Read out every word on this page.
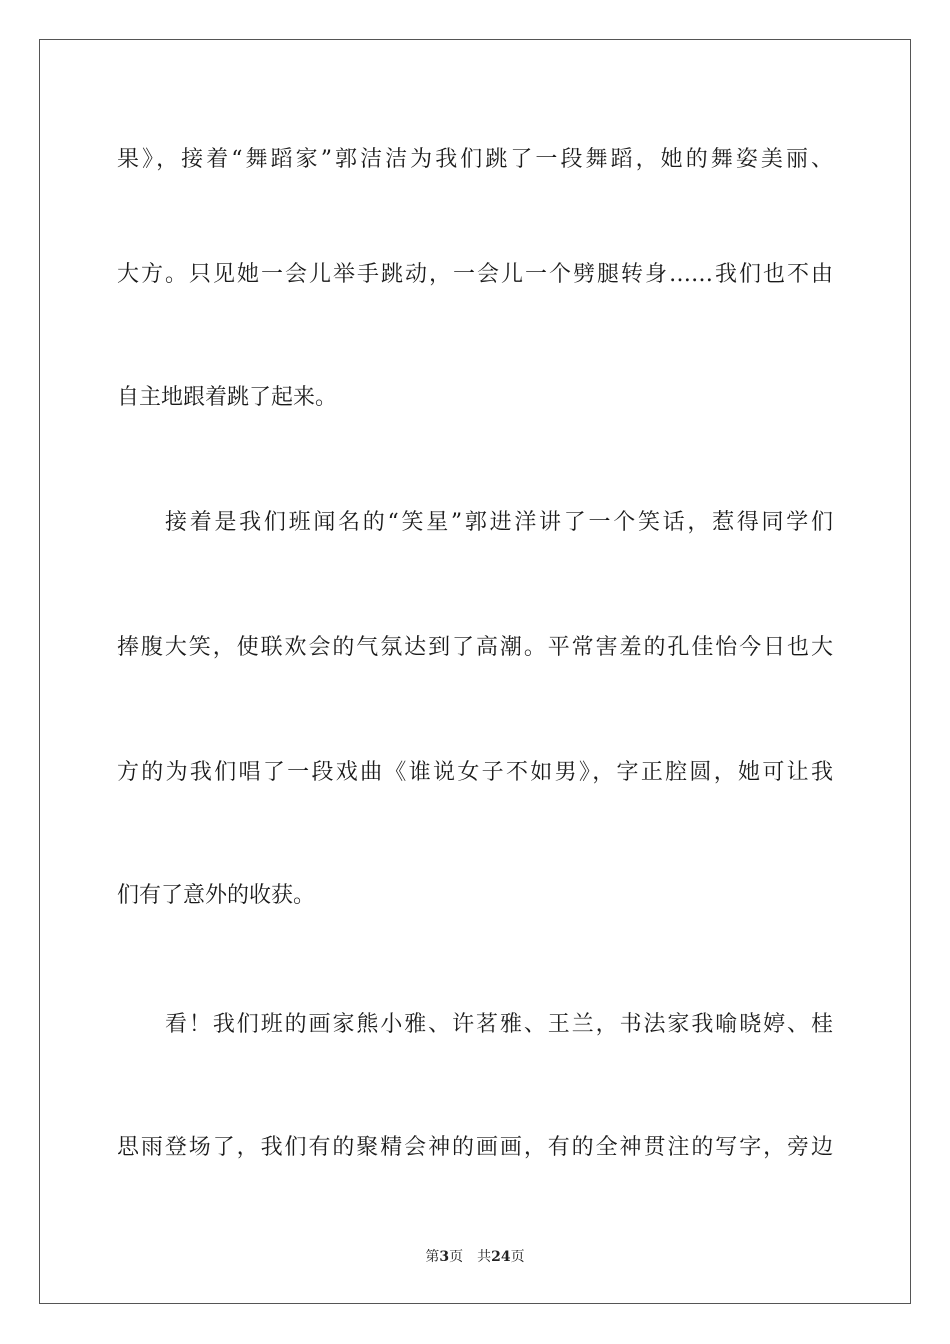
果》，接着“舞蹈家”郭洁洁为我们跳了一段舞蹈，她的舞姿美丽、
大方。只见她一会儿举手跳动，一会儿一个劈腿转身……我们也不由
自主地跟着跳了起来。
接着是我们班闻名的“笑星”郭进洋讲了一个笑话，惹得同学们
捧腹大笑，使联欢会的气氛达到了高潮。平常害羞的孔佳怡今日也大
方的为我们唱了一段戏曲《谁说女子不如男》，字正腔圆，她可让我
们有了意外的收获。
看！我们班的画家熊小雅、许茗雅、王兰，书法家我喻晓婷、桂
思雨登场了，我们有的聚精会神的画画，有的全神贯注的写字，旁边
第3页 共24页
